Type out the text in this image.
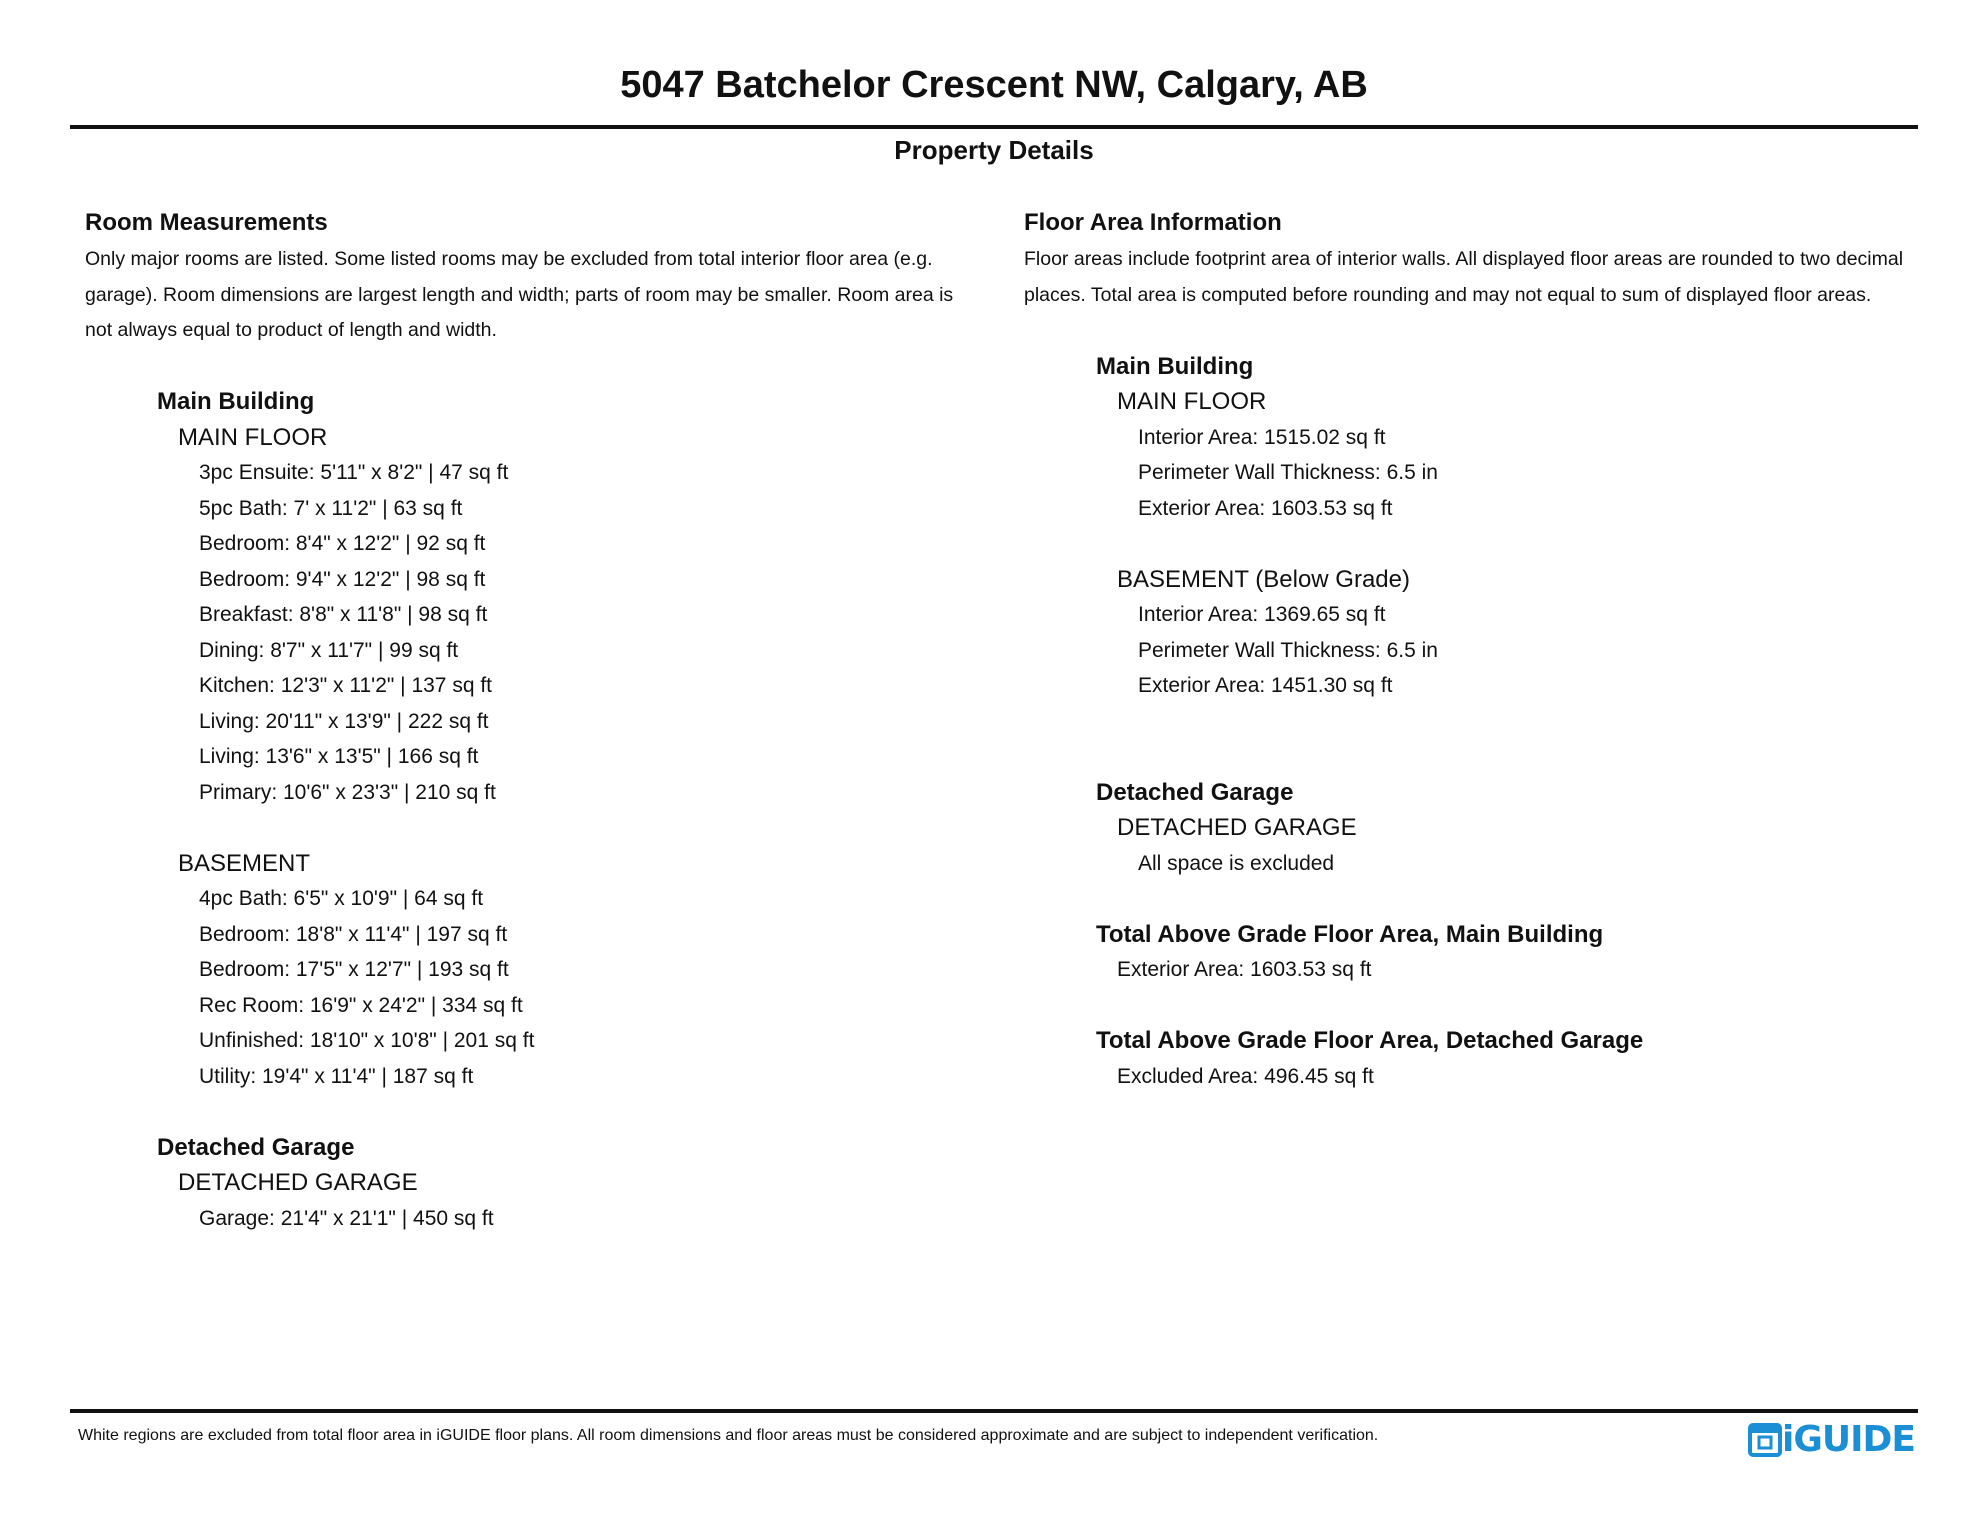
5047 Batchelor Crescent NW, Calgary, AB
Property Details
Room Measurements

Only major rooms are listed. Some listed rooms may be excluded from total interior floor area (e.g. garage). Room dimensions are largest length and width; parts of room may be smaller. Room area is not always equal to product of length and width.

Main Building
MAIN FLOOR
3pc Ensuite: 5'11" x 8'2" | 47 sq ft
5pc Bath: 7' x 11'2" | 63 sq ft
Bedroom: 8'4" x 12'2" | 92 sq ft
Bedroom: 9'4" x 12'2" | 98 sq ft
Breakfast: 8'8" x 11'8" | 98 sq ft
Dining: 8'7" x 11'7" | 99 sq ft
Kitchen: 12'3" x 11'2" | 137 sq ft
Living: 20'11" x 13'9" | 222 sq ft
Living: 13'6" x 13'5" | 166 sq ft
Primary: 10'6" x 23'3" | 210 sq ft
BASEMENT
4pc Bath: 6'5" x 10'9" | 64 sq ft
Bedroom: 18'8" x 11'4" | 197 sq ft
Bedroom: 17'5" x 12'7" | 193 sq ft
Rec Room: 16'9" x 24'2" | 334 sq ft
Unfinished: 18'10" x 10'8" | 201 sq ft
Utility: 19'4" x 11'4" | 187 sq ft
Detached Garage
DETACHED GARAGE
Garage: 21'4" x 21'1" | 450 sq ft
Floor Area Information

Floor areas include footprint area of interior walls. All displayed floor areas are rounded to two decimal places. Total area is computed before rounding and may not equal to sum of displayed floor areas.

Main Building
MAIN FLOOR
Interior Area: 1515.02 sq ft
Perimeter Wall Thickness: 6.5 in
Exterior Area: 1603.53 sq ft
BASEMENT (Below Grade)
Interior Area: 1369.65 sq ft
Perimeter Wall Thickness: 6.5 in
Exterior Area: 1451.30 sq ft
Detached Garage
DETACHED GARAGE
All space is excluded
Total Above Grade Floor Area, Main Building
Exterior Area: 1603.53 sq ft
Total Above Grade Floor Area, Detached Garage
Excluded Area: 496.45 sq ft
White regions are excluded from total floor area in iGUIDE floor plans. All room dimensions and floor areas must be considered approximate and are subject to independent verification.	iGUIDE
